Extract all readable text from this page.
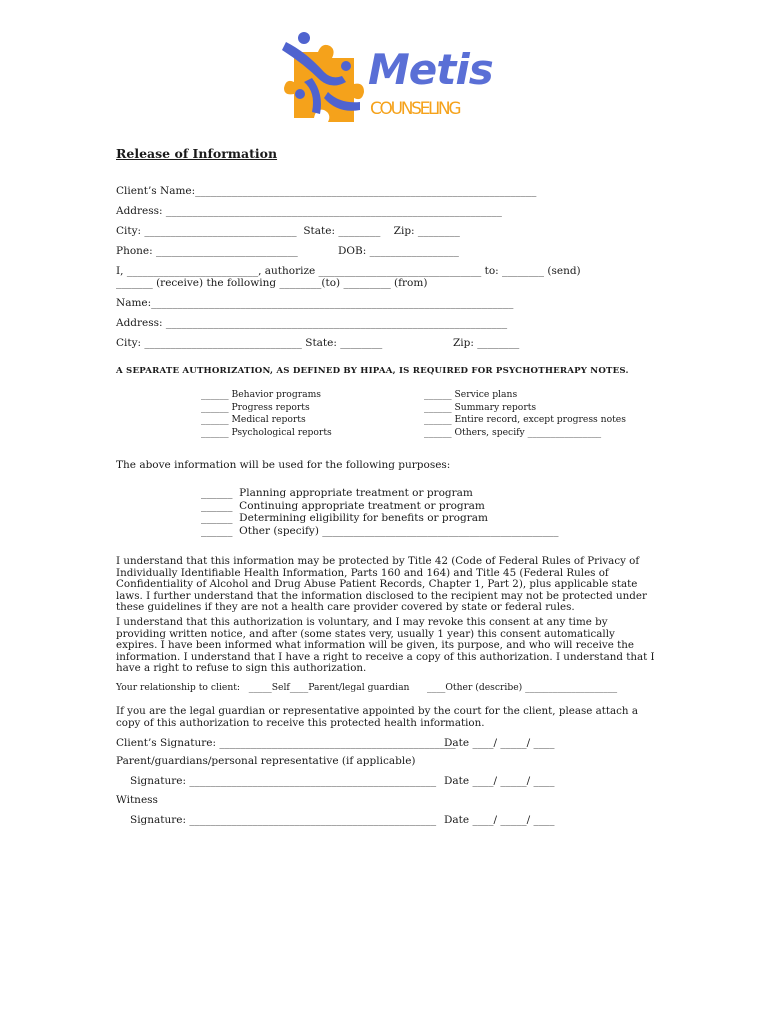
Metis
COUNSELING
Release of Information
Client’s Name:_________________________________________________________________
Address: ________________________________________________________________
City: _____________________________  State: ________    Zip: ________
Phone: ___________________________	DOB: _________________
I, _________________________, authorize _______________________________ to: ________ (send)
_______ (receive) the following ________(to) _________ (from)
Name:_____________________________________________________________________
Address: _________________________________________________________________
City: ______________________________ State: ________	Zip: ________
A SEPARATE AUTHORIZATION, AS DEFINED BY HIPAA, IS REQUIRED FOR PSYCHOTHERAPY NOTES.
______ Behavior programs
______ Progress reports
______ Medical reports
______ Psychological reports
______ Service plans
______ Summary reports
______ Entire record, except progress notes
______ Others, specify ________________
The above information will be used for the following purposes:
______  Planning appropriate treatment or program
______  Continuing appropriate treatment or program
______  Determining eligibility for benefits or program
______  Other (specify) _____________________________________________
I understand that this information may be protected by Title 42 (Code of Federal Rules of Privacy of Individually Identifiable Health Information, Parts 160 and 164) and Title 45 (Federal Rules of Confidentiality of Alcohol and Drug Abuse Patient Records, Chapter 1, Part 2), plus applicable state laws. I further understand that the information disclosed to the recipient may not be protected under these guidelines if they are not a health care provider covered by state or federal rules.
I understand that this authorization is voluntary, and I may revoke this consent at any time by providing written notice, and after (some states very, usually 1 year) this consent automatically expires. I have been informed what information will be given, its purpose, and who will receive the information. I understand that I have a right to receive a copy of this authorization. I understand that I have a right to refuse to sign this authorization.
Your relationship to client:   _____Self____Parent/legal guardian ____Other (describe) ____________________
If you are the legal guardian or representative appointed by the court for the client, please attach a copy of this authorization to receive this protected health information.
Client’s Signature: _____________________________________________
Date ____/ _____/ ____
Parent/guardians/personal representative (if applicable)
Signature: _______________________________________________ Date ____/ _____/ ____
Witness
Signature: _______________________________________________ Date ____/ _____/ ____
